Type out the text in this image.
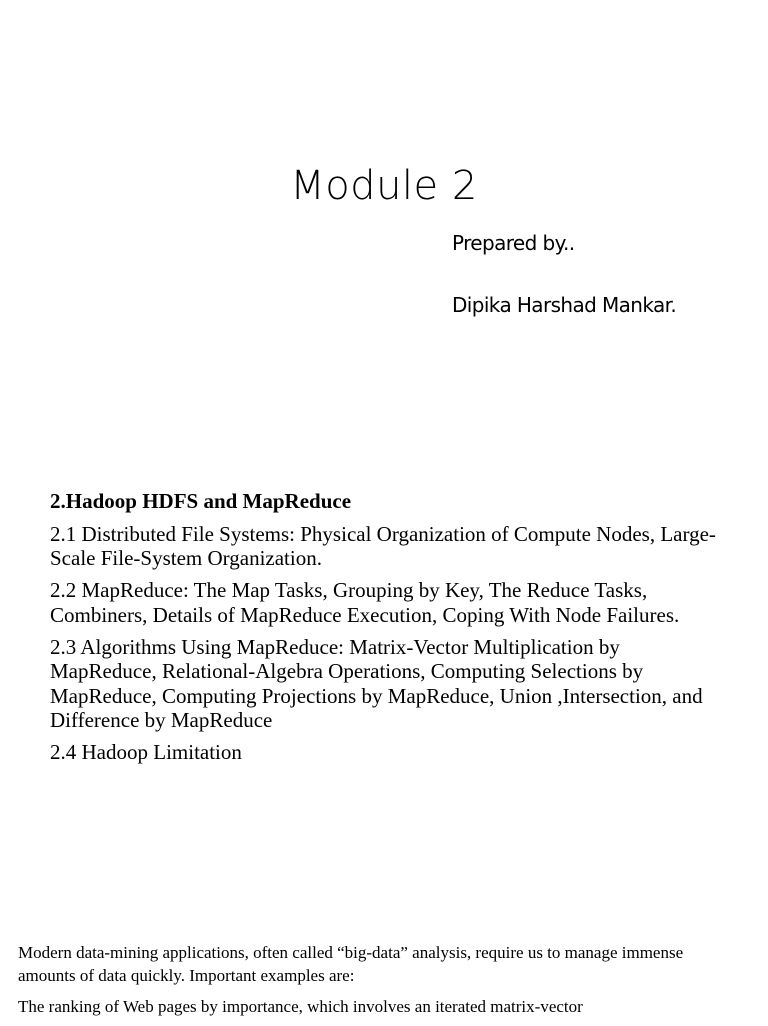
Module 2
Prepared by..
Dipika Harshad Mankar.
2.Hadoop HDFS and MapReduce
2.1 Distributed File Systems: Physical Organization of Compute Nodes, Large-Scale File-System Organization.
2.2 MapReduce: The Map Tasks, Grouping by Key, The Reduce Tasks, Combiners, Details of MapReduce Execution, Coping With Node Failures.
2.3 Algorithms Using MapReduce: Matrix-Vector Multiplication by MapReduce, Relational-Algebra Operations, Computing Selections by MapReduce, Computing Projections by MapReduce, Union ,Intersection, and Difference by MapReduce
2.4 Hadoop Limitation

Modern data-mining applications, often called “big-data” analysis, require us to manage immense amounts of data quickly. Important examples are:

The ranking of Web pages by importance, which involves an iterated matrix-vector
